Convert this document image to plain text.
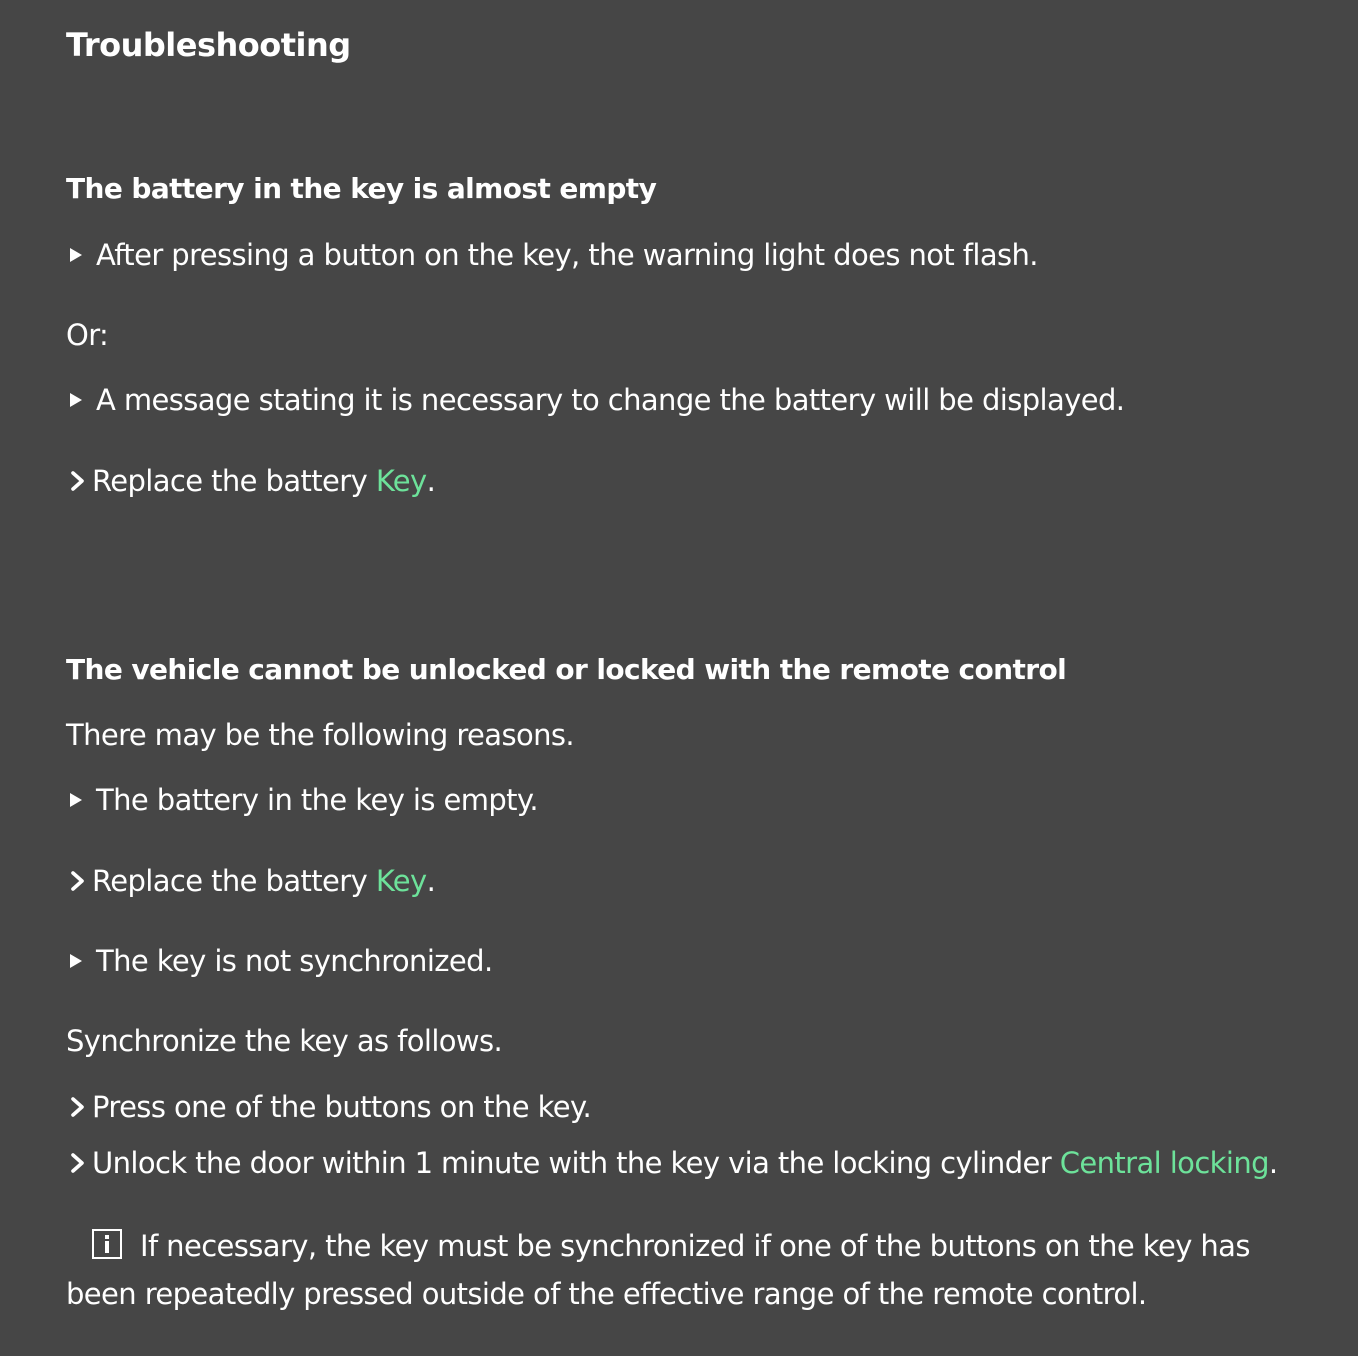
Troubleshooting
The battery in the key is almost empty
After pressing a button on the key, the warning light does not flash.
Or:
A message stating it is necessary to change the battery will be displayed.
Replace the battery Key .
The vehicle cannot be unlocked or locked with the remote control
There may be the following reasons.
The battery in the key is empty.
Replace the battery Key .
The key is not synchronized.
Synchronize the key as follows.
Press one of the buttons on the key.
Unlock the door within 1 minute with the key via the locking cylinder Central locking .
If necessary, the key must be synchronized if one of the buttons on the key has been repeatedly pressed outside of the effective range of the remote control.
